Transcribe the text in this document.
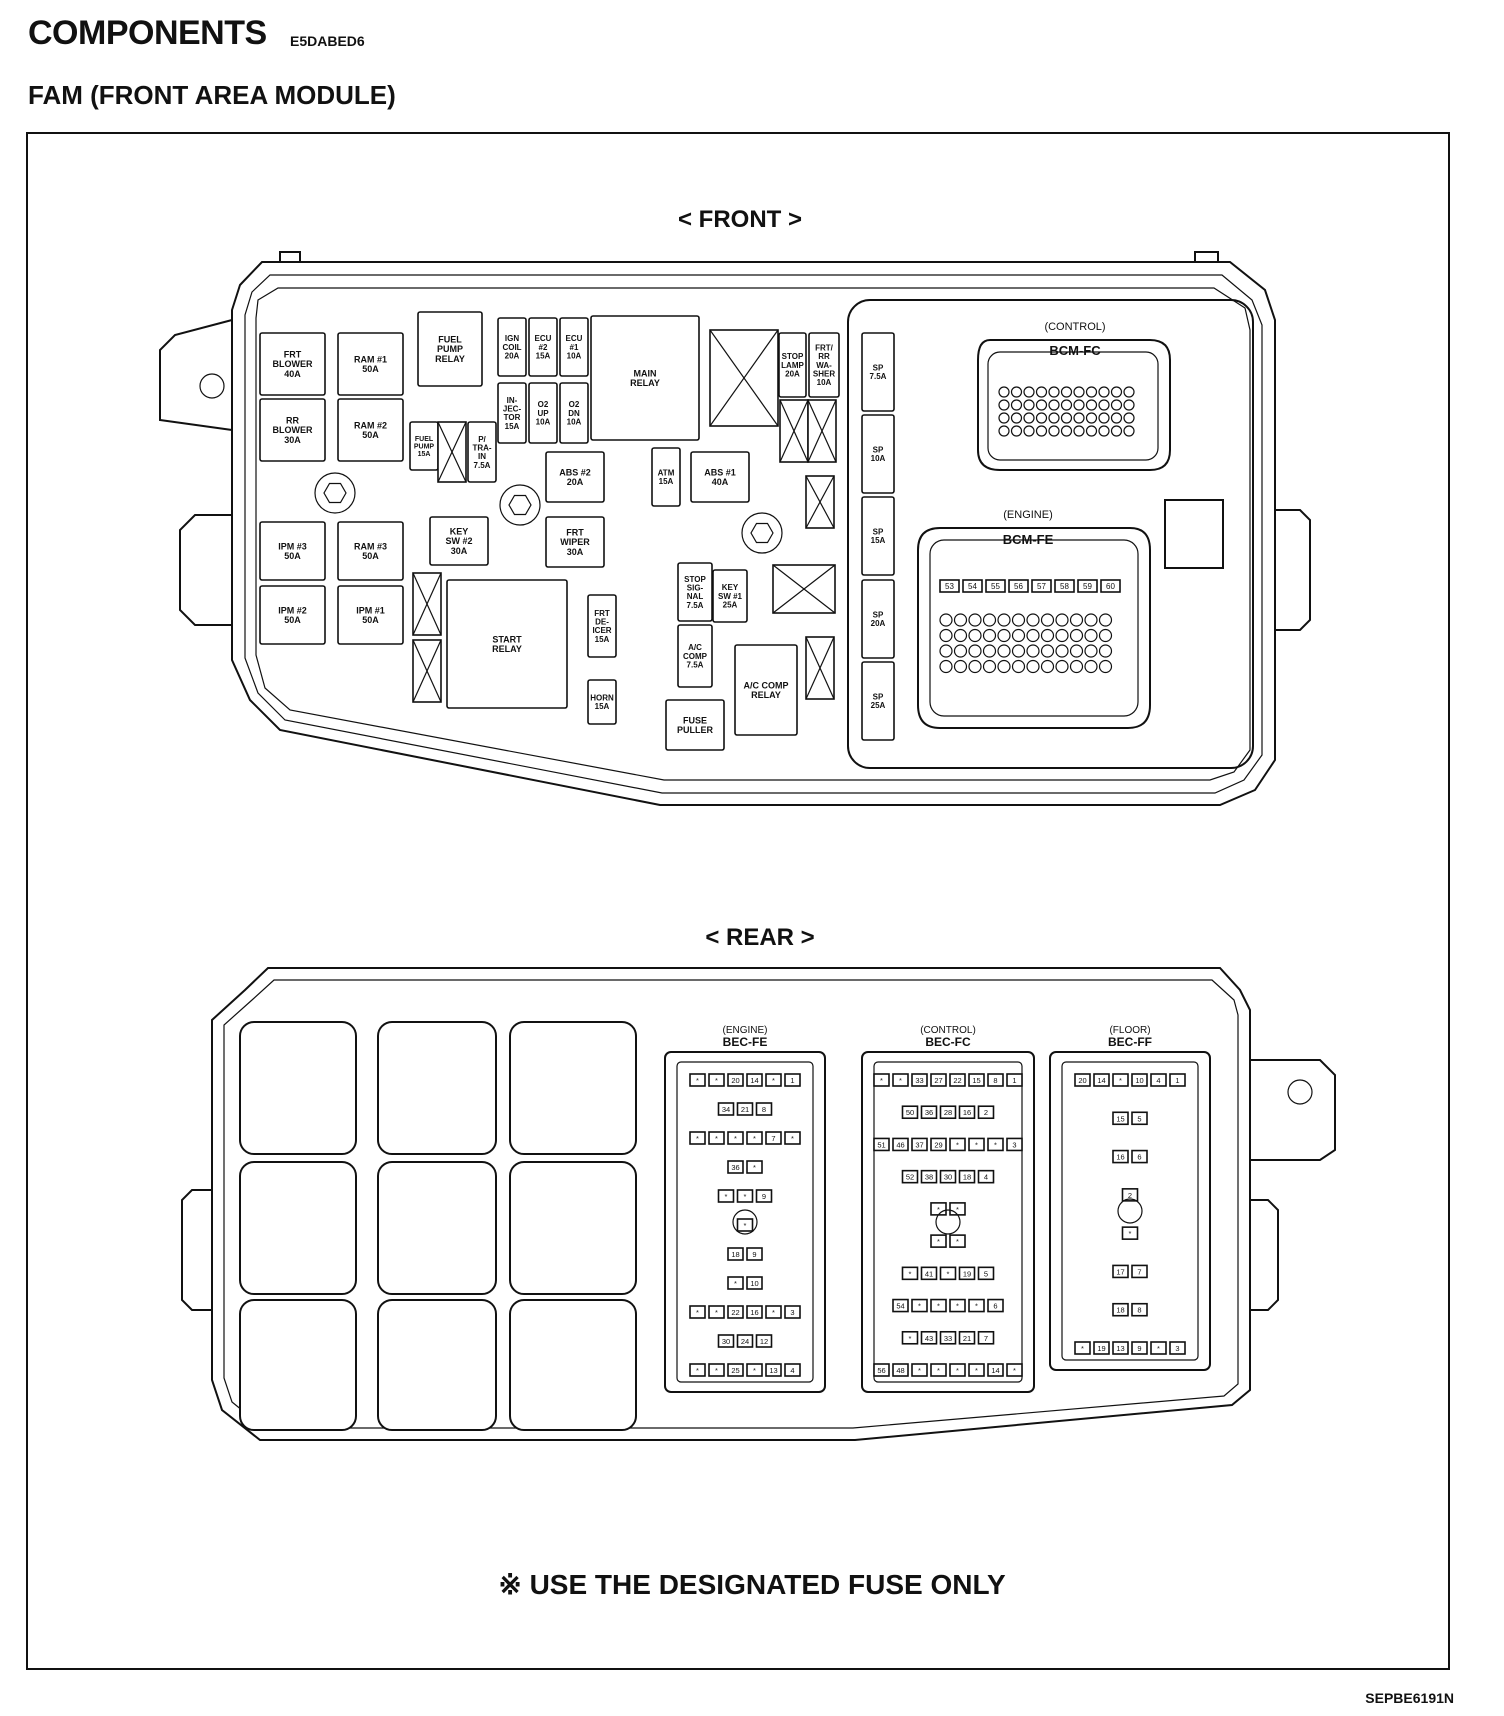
COMPONENTS E5DABED6
FAM (FRONT AREA MODULE)
< FRONT >
< REAR >
FRT
BLOWER
40A
RAM #1
50A
FUEL
PUMP
RELAY
IGN
COIL
20A
ECU
#2
15A
ECU
#1
10A
MAIN
RELAY
STOP
LAMP
20A
FRT/
RR
WA-
SHER
10A
RR
BLOWER
30A
RAM #2
50A	FUEL
PUMP
15A
P/
TRA-
IN
7.5A
IN-
JEC-
TOR
15A
O2
UP
10A
O2
DN
10A
ABS #2
20A
ATM
15A
ABS #1
40A
IPM #3
50A
RAM #3
50A
KEY
SW #2
30A
FRT
WIPER
30A
STOP
SIG-
NAL
7.5A
KEY
SW #1
25A
IPM #2
50A
IPM #1
50A
START
RELAY
FRT
DE-
ICER
15A
A/C
COMP
7.5A
A/C COMP
RELAY
HORN
15A
FUSE
PULLER
SP
7.5A
SP
10A
SP
15A
SP
20A
SP
25A
53 54 55 56 57 58 59 60
(CONTROL)
BCM-FC
(ENGINE)
BCM-FE
(ENGINE)
BEC-FE
* * 20 14 * 1
34 21 8
* * * * 7 *
36 *
* * 9
*
18 9
* 10
* * 22 16 * 3
30 24 12
* * 25 * 13 4
(CONTROL)
BEC-FC
* * 33 27 22 15 8 1
50 36 28 16 2
51 46 37 29 * * * 3
52 38 30 18 4
* *
* *
* 41 * 19 5
54 * * * * 6
* 43 33 21 7
56 48 * * * * 14 *
(FLOOR)
BEC-FF
20 14 * 10 4 1
15 5
16 6
2
*
17 7
18 8
* 19 13 9 * 3
※ USE THE DESIGNATED FUSE ONLY
SEPBE6191N
